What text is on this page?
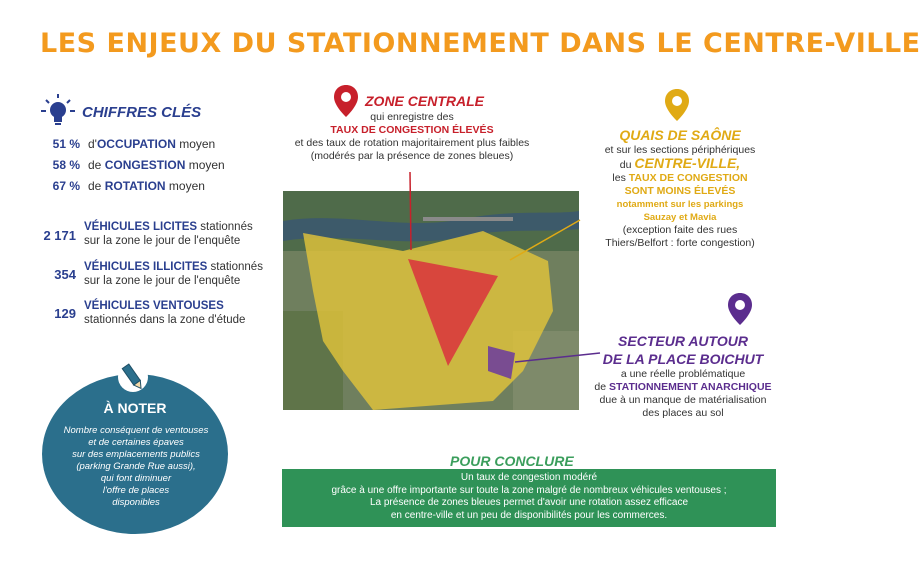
LES ENJEUX DU STATIONNEMENT DANS LE CENTRE-VILLE
CHIFFRES CLÉS
51 % d'OCCUPATION moyen
58 % de CONGESTION moyen
67 % de ROTATION moyen
2 171
VÉHICULES LICITES stationnés
sur la zone le jour de l'enquête
354 VÉHICULES ILLICITES stationnés
sur la zone le jour de l'enquête
129 VÉHICULES VENTOUSES
stationnés dans la zone d'étude
À NOTER
Nombre conséquent de ventouses
et de certaines épaves
sur des emplacements publics
(parking Grande Rue aussi),
qui font diminuer
l'offre de places
disponibles
ZONE CENTRALE
qui enregistre des
TAUX DE CONGESTION ÉLEVÉS
et des taux de rotation majoritairement plus faibles
(modérés par la présence de zones bleues)
QUAIS DE SAÔNE
et sur les sections périphériques
du CENTRE-VILLE,
les TAUX DE CONGESTION
SONT MOINS ÉLEVÉS
notamment sur les parkings
Sauzay et Mavia
(exception faite des rues
Thiers/Belfort : forte congestion)
SECTEUR AUTOUR
DE LA PLACE BOICHUT
a une réelle problématique
de STATIONNEMENT ANARCHIQUE
due à un manque de matérialisation
des places au sol
POUR CONCLURE
Un taux de congestion modéré
grâce à une offre importante sur toute la zone malgré de nombreux véhicules ventouses ;
La présence de zones bleues permet d'avoir une rotation assez efficace
en centre-ville et un peu de disponibilités pour les commerces.
